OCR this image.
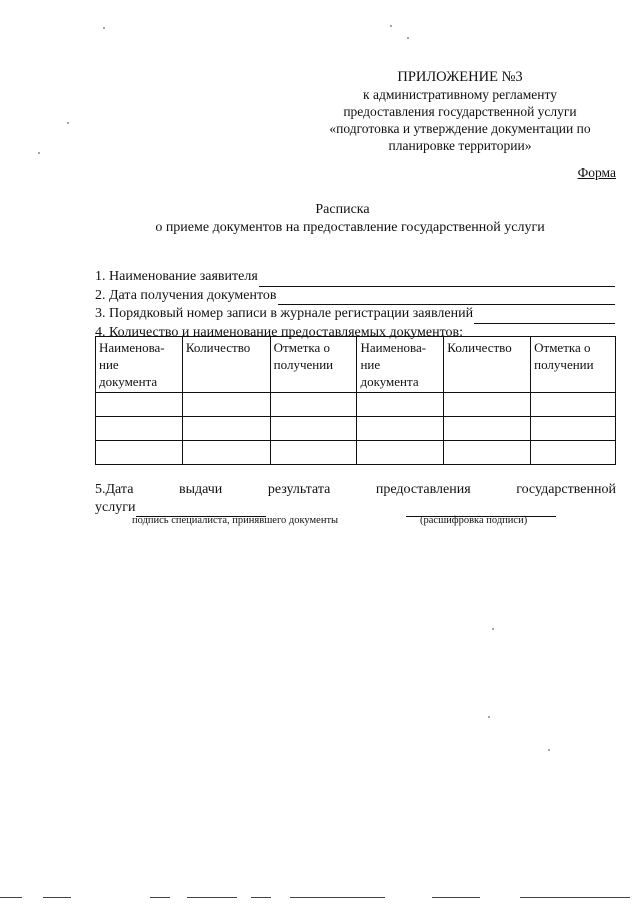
ПРИЛОЖЕНИЕ №3
к административному регламенту
предоставления государственной услуги
«подготовка и утверждение документации по
планировке территории»
Форма
Расписка
о приеме документов на предоставление государственной услуги
1. Наименование заявителя
2. Дата получения документов
3. Порядковый номер записи в журнале регистрации заявлений
4. Количество и наименование предоставляемых документов:
Наименова-ние документа	Количество	Отметка о получении	Наименова-ние документа	Количество	Отметка о получении

5.Дата	выдачи	результата	предоставления	государственной
услуги
подпись специалиста, принявшего документы	(расшифровка подписи)
